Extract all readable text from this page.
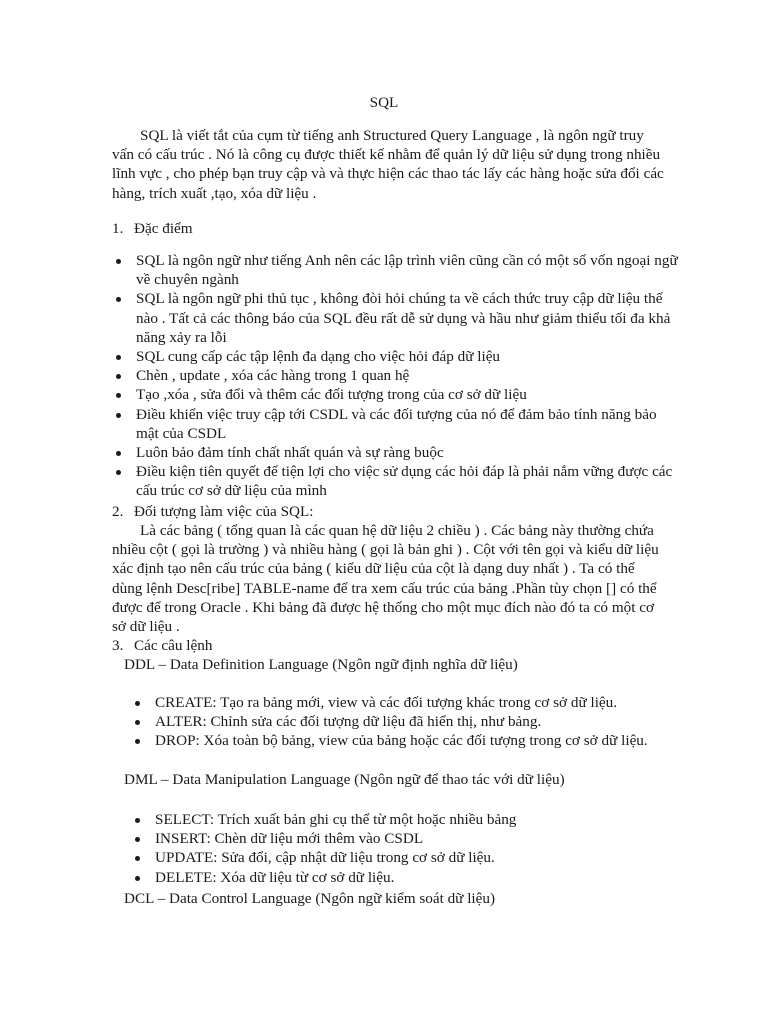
SQL

SQL là viết tắt của cụm từ tiếng anh Structured Query Language , là ngôn ngữ truy vấn có cấu trúc . Nó là công cụ được thiết kế nhằm để quản lý dữ liệu sử dụng trong nhiều lĩnh vực , cho phép bạn truy cập và và thực hiện các thao tác lấy các hàng hoặc sửa đổi các hàng, trích xuất ,tạo, xóa dữ liệu .

1. Đặc điểm

SQL là ngôn ngữ như tiếng Anh nên các lập trình viên cũng cần có một số vốn ngoại ngữ về chuyên ngành
SQL là ngôn ngữ phi thủ tục , không đòi hỏi chúng ta về cách thức truy cập dữ liệu thế nào . Tất cả các thông báo của SQL đều rất dễ sử dụng và hầu như giảm thiểu tối đa khả năng xảy ra lỗi
SQL cung cấp các tập lệnh đa dạng cho việc hỏi đáp dữ liệu
Chèn , update , xóa các hàng trong 1 quan hệ
Tạo ,xóa , sửa đổi và thêm các đối tượng trong của cơ sở dữ liệu
Điều khiển việc truy cập tới CSDL và các đối tượng của nó để đảm bảo tính năng bảo mật của CSDL
Luôn bảo đảm tính chất nhất quán và sự ràng buộc
Điều kiện tiên quyết để tiện lợi cho việc sử dụng các hỏi đáp là phải nắm vững được các cấu trúc cơ sở dữ liệu của mình

2. Đối tượng làm việc của SQL:

Là các bảng ( tổng quan là các quan hệ dữ liệu 2 chiều ) . Các bảng này thường chứa nhiều cột ( gọi là trường ) và nhiều hàng ( gọi là bản ghi ) . Cột với tên gọi và kiểu dữ liệu xác định tạo nên cấu trúc của bảng ( kiểu dữ liệu của cột là dạng duy nhất ) . Ta có thể dùng lệnh Desc[ribe] TABLE-name để tra xem cấu trúc của bảng .Phần tùy chọn [] có thể được để trong Oracle . Khi bảng đã được hệ thống cho một mục đích nào đó ta có một cơ sở dữ liệu .

3. Các câu lệnh

DDL – Data Definition Language (Ngôn ngữ định nghĩa dữ liệu)

CREATE: Tạo ra bảng mới, view và các đối tượng khác trong cơ sở dữ liệu.
ALTER: Chỉnh sửa các đối tượng dữ liệu đã hiển thị, như bảng.
DROP: Xóa toàn bộ bảng, view của bảng hoặc các đối tượng trong cơ sở dữ liệu.

DML – Data Manipulation Language (Ngôn ngữ để thao tác với dữ liệu)

SELECT: Trích xuất bản ghi cụ thể từ một hoặc nhiều bảng
INSERT: Chèn dữ liệu mới thêm vào CSDL
UPDATE: Sửa đổi, cập nhật dữ liệu trong cơ sở dữ liệu.
DELETE: Xóa dữ liệu từ cơ sở dữ liệu.

DCL – Data Control Language (Ngôn ngữ kiểm soát dữ liệu)
